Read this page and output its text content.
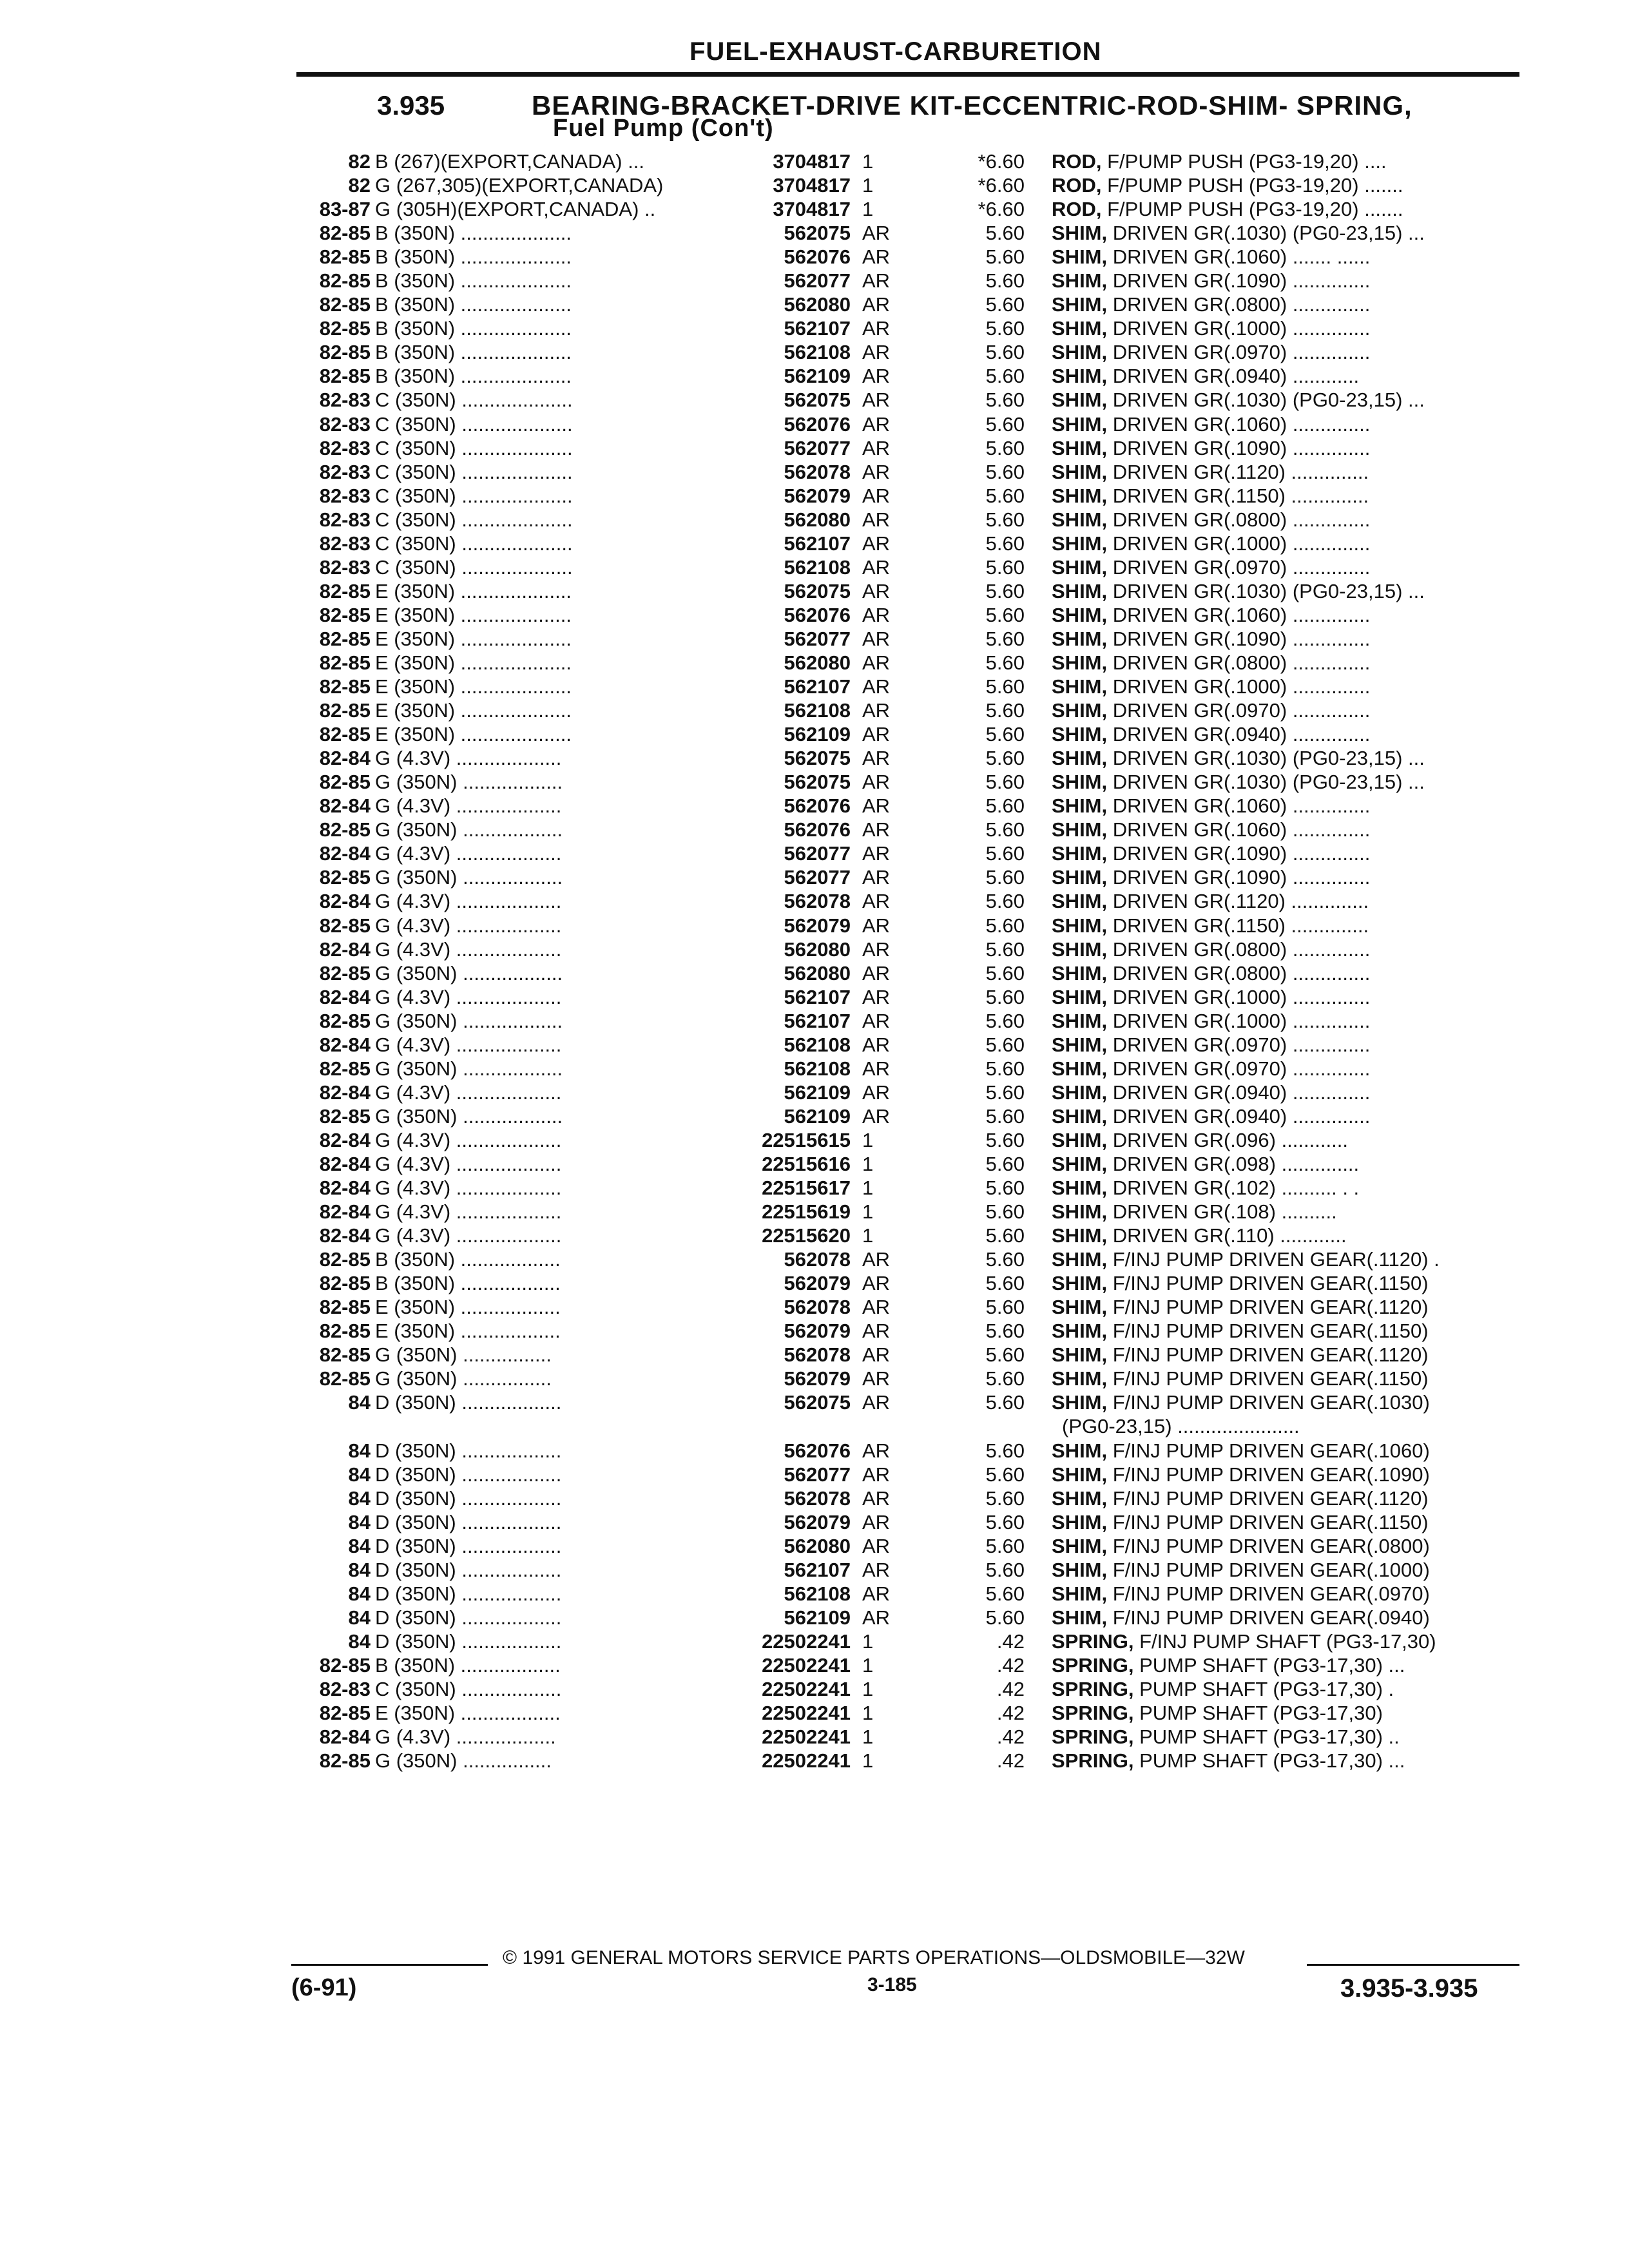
FUEL-EXHAUST-CARBURETION
3.935	BEARING-BRACKET-DRIVE KIT-ECCENTRIC-ROD-SHIM- SPRING,
Fuel Pump (Con't)
82 B (267)(EXPORT,CANADA) ...	3704817 1	*6.60 ROD, F/PUMP PUSH (PG3-19,20) ....
82 G (267,305)(EXPORT,CANADA)	3704817 1	*6.60 ROD, F/PUMP PUSH (PG3-19,20) .......
83-87 G (305H)(EXPORT,CANADA) ..	3704817 1	*6.60 ROD, F/PUMP PUSH (PG3-19,20) .......
82-85 B (350N) ....................	562075 AR	5.60 SHIM, DRIVEN GR(.1030) (PG0-23,15) ...
82-85 B (350N) ....................	562076 AR	5.60 SHIM, DRIVEN GR(.1060) ....... ......
82-85 B (350N) ....................	562077 AR	5.60 SHIM, DRIVEN GR(.1090) ..............
82-85 B (350N) ....................	562080 AR	5.60 SHIM, DRIVEN GR(.0800) ..............
82-85 B (350N) ....................	562107 AR	5.60 SHIM, DRIVEN GR(.1000) ..............
82-85 B (350N) ....................	562108 AR	5.60 SHIM, DRIVEN GR(.0970) ..............
82-85 B (350N) ....................	562109 AR	5.60 SHIM, DRIVEN GR(.0940) ............
82-83 C (350N) ....................	562075 AR	5.60 SHIM, DRIVEN GR(.1030) (PG0-23,15) ...
82-83 C (350N) ....................	562076 AR	5.60 SHIM, DRIVEN GR(.1060) ..............
82-83 C (350N) ....................	562077 AR	5.60 SHIM, DRIVEN GR(.1090) ..............
82-83 C (350N) ....................	562078 AR	5.60 SHIM, DRIVEN GR(.1120) ..............
82-83 C (350N) ....................	562079 AR	5.60 SHIM, DRIVEN GR(.1150) ..............
82-83 C (350N) ....................	562080 AR	5.60 SHIM, DRIVEN GR(.0800) ..............
82-83 C (350N) ....................	562107 AR	5.60 SHIM, DRIVEN GR(.1000) ..............
82-83 C (350N) ....................	562108 AR	5.60 SHIM, DRIVEN GR(.0970) ..............
82-85 E (350N) ....................	562075 AR	5.60 SHIM, DRIVEN GR(.1030) (PG0-23,15) ...
82-85 E (350N) ....................	562076 AR	5.60 SHIM, DRIVEN GR(.1060) ..............
82-85 E (350N) ....................	562077 AR	5.60 SHIM, DRIVEN GR(.1090) ..............
82-85 E (350N) ....................	562080 AR	5.60 SHIM, DRIVEN GR(.0800) ..............
82-85 E (350N) ....................	562107 AR	5.60 SHIM, DRIVEN GR(.1000) ..............
82-85 E (350N) ....................	562108 AR	5.60 SHIM, DRIVEN GR(.0970) ..............
82-85 E (350N) ....................	562109 AR	5.60 SHIM, DRIVEN GR(.0940) ..............
82-84 G (4.3V) ...................	562075 AR	5.60 SHIM, DRIVEN GR(.1030) (PG0-23,15) ...
82-85 G (350N) ..................	562075 AR	5.60 SHIM, DRIVEN GR(.1030) (PG0-23,15) ...
82-84 G (4.3V) ...................	562076 AR	5.60 SHIM, DRIVEN GR(.1060) ..............
82-85 G (350N) ..................	562076 AR	5.60 SHIM, DRIVEN GR(.1060) ..............
82-84 G (4.3V) ...................	562077 AR	5.60 SHIM, DRIVEN GR(.1090) ..............
82-85 G (350N) ..................	562077 AR	5.60 SHIM, DRIVEN GR(.1090) ..............
82-84 G (4.3V) ...................	562078 AR	5.60 SHIM, DRIVEN GR(.1120) ..............
82-85 G (4.3V) ...................	562079 AR	5.60 SHIM, DRIVEN GR(.1150) ..............
82-84 G (4.3V) ...................	562080 AR	5.60 SHIM, DRIVEN GR(.0800) ..............
82-85 G (350N) ..................	562080 AR	5.60 SHIM, DRIVEN GR(.0800) ..............
82-84 G (4.3V) ...................	562107 AR	5.60 SHIM, DRIVEN GR(.1000) ..............
82-85 G (350N) ..................	562107 AR	5.60 SHIM, DRIVEN GR(.1000) ..............
82-84 G (4.3V) ...................	562108 AR	5.60 SHIM, DRIVEN GR(.0970) ..............
82-85 G (350N) ..................	562108 AR	5.60 SHIM, DRIVEN GR(.0970) ..............
82-84 G (4.3V) ...................	562109 AR	5.60 SHIM, DRIVEN GR(.0940) ..............
82-85 G (350N) ..................	562109 AR	5.60 SHIM, DRIVEN GR(.0940) ..............
82-84 G (4.3V) ...................	22515615 1	5.60 SHIM, DRIVEN GR(.096) ............
82-84 G (4.3V) ...................	22515616 1	5.60 SHIM, DRIVEN GR(.098) ..............
82-84 G (4.3V) ...................	22515617 1	5.60 SHIM, DRIVEN GR(.102) .......... . .
82-84 G (4.3V) ...................	22515619 1	5.60 SHIM, DRIVEN GR(.108) ..........
82-84 G (4.3V) ...................	22515620 1	5.60 SHIM, DRIVEN GR(.110) ............
82-85 B (350N) ..................	562078 AR	5.60 SHIM, F/INJ PUMP DRIVEN GEAR(.1120) .
82-85 B (350N) ..................	562079 AR	5.60 SHIM, F/INJ PUMP DRIVEN GEAR(.1150)
82-85 E (350N) ..................	562078 AR	5.60 SHIM, F/INJ PUMP DRIVEN GEAR(.1120)
82-85 E (350N) ..................	562079 AR	5.60 SHIM, F/INJ PUMP DRIVEN GEAR(.1150)
82-85 G (350N) ................	562078 AR	5.60 SHIM, F/INJ PUMP DRIVEN GEAR(.1120)
82-85 G (350N) ................	562079 AR	5.60 SHIM, F/INJ PUMP DRIVEN GEAR(.1150)
84 D (350N) ..................	562075 AR	5.60 SHIM, F/INJ PUMP DRIVEN GEAR(.1030)
(PG0-23,15) ......................
84 D (350N) ..................	562076 AR	5.60 SHIM, F/INJ PUMP DRIVEN GEAR(.1060)
84 D (350N) ..................	562077 AR	5.60 SHIM, F/INJ PUMP DRIVEN GEAR(.1090)
84 D (350N) ..................	562078 AR	5.60 SHIM, F/INJ PUMP DRIVEN GEAR(.1120)
84 D (350N) ..................	562079 AR	5.60 SHIM, F/INJ PUMP DRIVEN GEAR(.1150)
84 D (350N) ..................	562080 AR	5.60 SHIM, F/INJ PUMP DRIVEN GEAR(.0800)
84 D (350N) ..................	562107 AR	5.60 SHIM, F/INJ PUMP DRIVEN GEAR(.1000)
84 D (350N) ..................	562108 AR	5.60 SHIM, F/INJ PUMP DRIVEN GEAR(.0970)
84 D (350N) ..................	562109 AR	5.60 SHIM, F/INJ PUMP DRIVEN GEAR(.0940)
84 D (350N) ..................	22502241 1	.42 SPRING, F/INJ PUMP SHAFT (PG3-17,30)
82-85 B (350N) ..................	22502241 1	.42 SPRING, PUMP SHAFT (PG3-17,30) ...
82-83 C (350N) ..................	22502241 1	.42 SPRING, PUMP SHAFT (PG3-17,30) .
82-85 E (350N) ..................	22502241 1	.42 SPRING, PUMP SHAFT (PG3-17,30)
82-84 G (4.3V) ..................	22502241 1	.42 SPRING, PUMP SHAFT (PG3-17,30) ..
82-85 G (350N) ................	22502241 1	.42 SPRING, PUMP SHAFT (PG3-17,30) ...
© 1991 GENERAL MOTORS SERVICE PARTS OPERATIONS—OLDSMOBILE—32W
3-185
(6-91)	3.935-3.935
